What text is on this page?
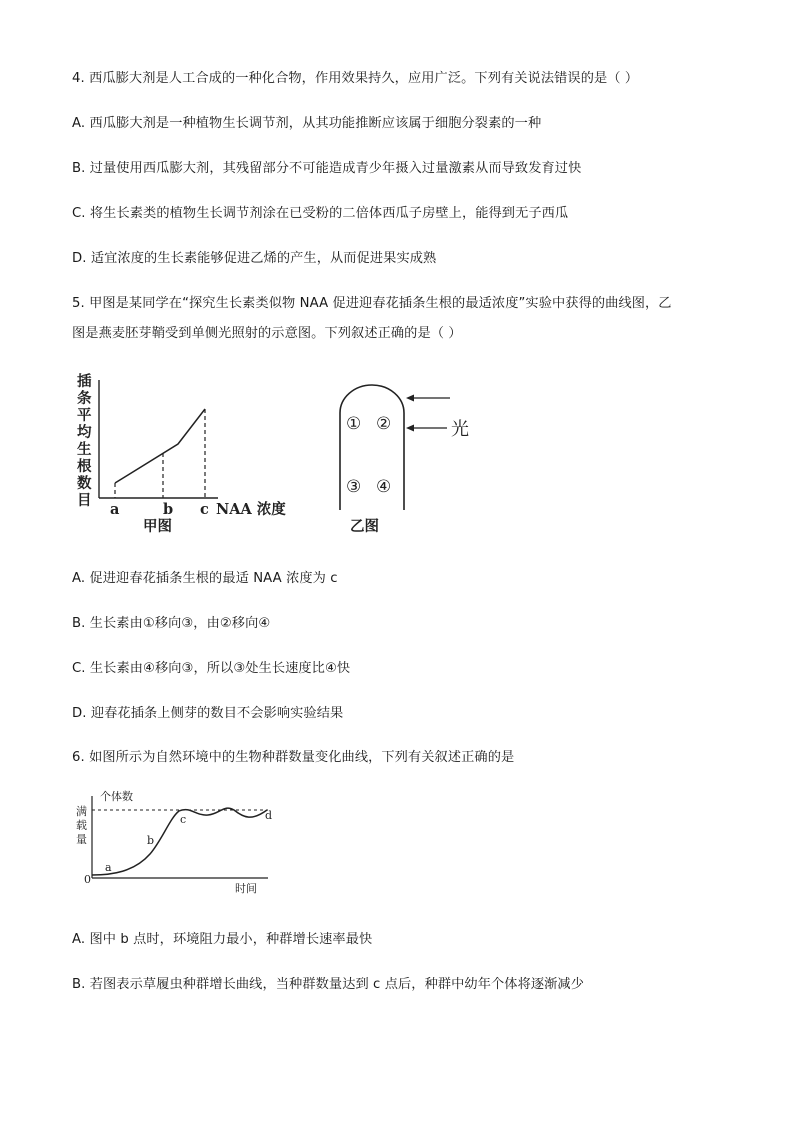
4. 西瓜膨大剂是人工合成的一种化合物，作用效果持久，应用广泛。下列有关说法错误的是（ ）
A. 西瓜膨大剂是一种植物生长调节剂，从其功能推断应该属于细胞分裂素的一种
B. 过量使用西瓜膨大剂，其残留部分不可能造成青少年摄入过量激素从而导致发育过快
C. 将生长素类的植物生长调节剂涂在已受粉的二倍体西瓜子房壁上，能得到无子西瓜
D. 适宜浓度的生长素能够促进乙烯的产生，从而促进果实成熟
5. 甲图是某同学在“探究生长素类似物 NAA 促进迎春花插条生根的最适浓度”实验中获得的曲线图，乙
图是燕麦胚芽鞘受到单侧光照射的示意图。下列叙述正确的是（ ）
插
条
平
均
生
根
数
目
a	b c NAA 浓度
甲图
① ②
③ ④
光
乙图
A. 促进迎春花插条生根的最适 NAA 浓度为 c
B. 生长素由①移向③，由②移向④
C. 生长素由④移向③，所以③处生长速度比④快
D. 迎春花插条上侧芽的数目不会影响实验结果
6. 如图所示为自然环境中的生物种群数量变化曲线，下列有关叙述正确的是
个体数
满
载
量
0
时间
a
b
c	d
A. 图中 b 点时，环境阻力最小，种群增长速率最快
B. 若图表示草履虫种群增长曲线，当种群数量达到 c 点后，种群中幼年个体将逐渐减少
